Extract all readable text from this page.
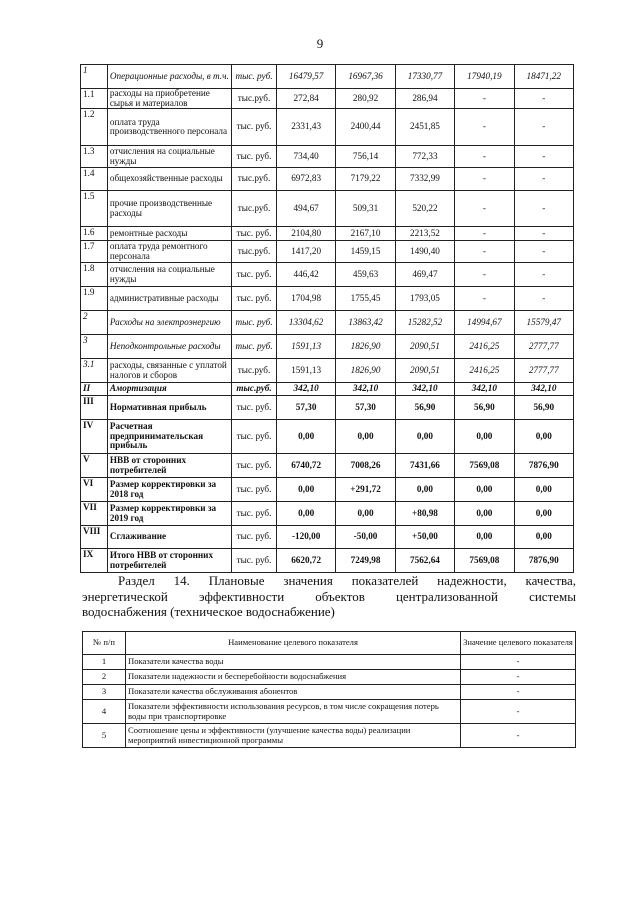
9
1	Операционные расходы, в т.ч.	тыс. руб.	16479,57	16967,36	17330,77	17940,19	18471,22
1.1	расходы на приобретение сырья и материалов	тыс.руб.	272,84	280,92	286,94	-	-
1.2	оплата труда производственного персонала	тыс. руб.	2331,43	2400,44	2451,85	-	-
1.3	отчисления на социальные нужды	тыс. руб.	734,40	756,14	772,33	-	-
1.4	общехозяйственные расходы	тыс.руб.	6972,83	7179,22	7332,99	-	-
1.5	прочие производственные расходы	тыс.руб.	494,67	509,31	520,22	-	-
1.6	ремонтные расходы	тыс. руб.	2104,80	2167,10	2213,52	-	-
1.7	оплата труда ремонтного персонала	тыс.руб.	1417,20	1459,15	1490,40	-	-
1.8	отчисления на социальные нужды	тыс. руб.	446,42	459,63	469,47	-	-
1.9	административные расходы	тыс. руб.	1704,98	1755,45	1793,05	-	-
2	Расходы на электроэнергию	тыс. руб.	13304,62	13863,42	15282,52	14994,67	15579,47
3	Неподконтрольные расходы	тыс. руб.	1591,13	1826,90	2090,51	2416,25	2777,77
3.1	расходы, связанные с уплатой налогов и сборов	тыс.руб.	1591,13	1826,90	2090,51	2416,25	2777,77
II	Амортизация	тыс.руб.	342,10	342,10	342,10	342,10	342,10
III	Нормативная прибыль	тыс. руб.	57,30	57,30	56,90	56,90	56,90
IV	Расчетная предпринимательская прибыль	тыс. руб.	0,00	0,00	0,00	0,00	0,00
V	НВВ от сторонних потребителей	тыс. руб.	6740,72	7008,26	7431,66	7569,08	7876,90
VI	Размер корректировки за 2018 год	тыс. руб.	0,00	+291,72	0,00	0,00	0,00
VII	Размер корректировки за 2019 год	тыс. руб.	0,00	0,00	+80,98	0,00	0,00
VIII	Сглаживание	тыс. руб.	-120,00	-50,00	+50,00	0,00	0,00
IX	Итого НВВ от сторонних потребителей	тыс. руб.	6620,72	7249,98	7562,64	7569,08	7876,90
Раздел 14. Плановые значения показателей надежности, качества,
энергетической эффективности объектов централизованной системы
водоснабжения (техническое водоснабжение)
№ п/п	Наименование целевого показателя	Значение целевого показателя
1	Показатели качества воды	-
2	Показатели надежности и бесперебойности водоснабжения	-
3	Показатели качества обслуживания абонентов	-
4	Показатели эффективности использования ресурсов, в том числе сокращения потерь воды при транспортировке	-
5	Соотношение цены и эффективности (улучшение качества воды) реализации мероприятий инвестиционной программы	-
